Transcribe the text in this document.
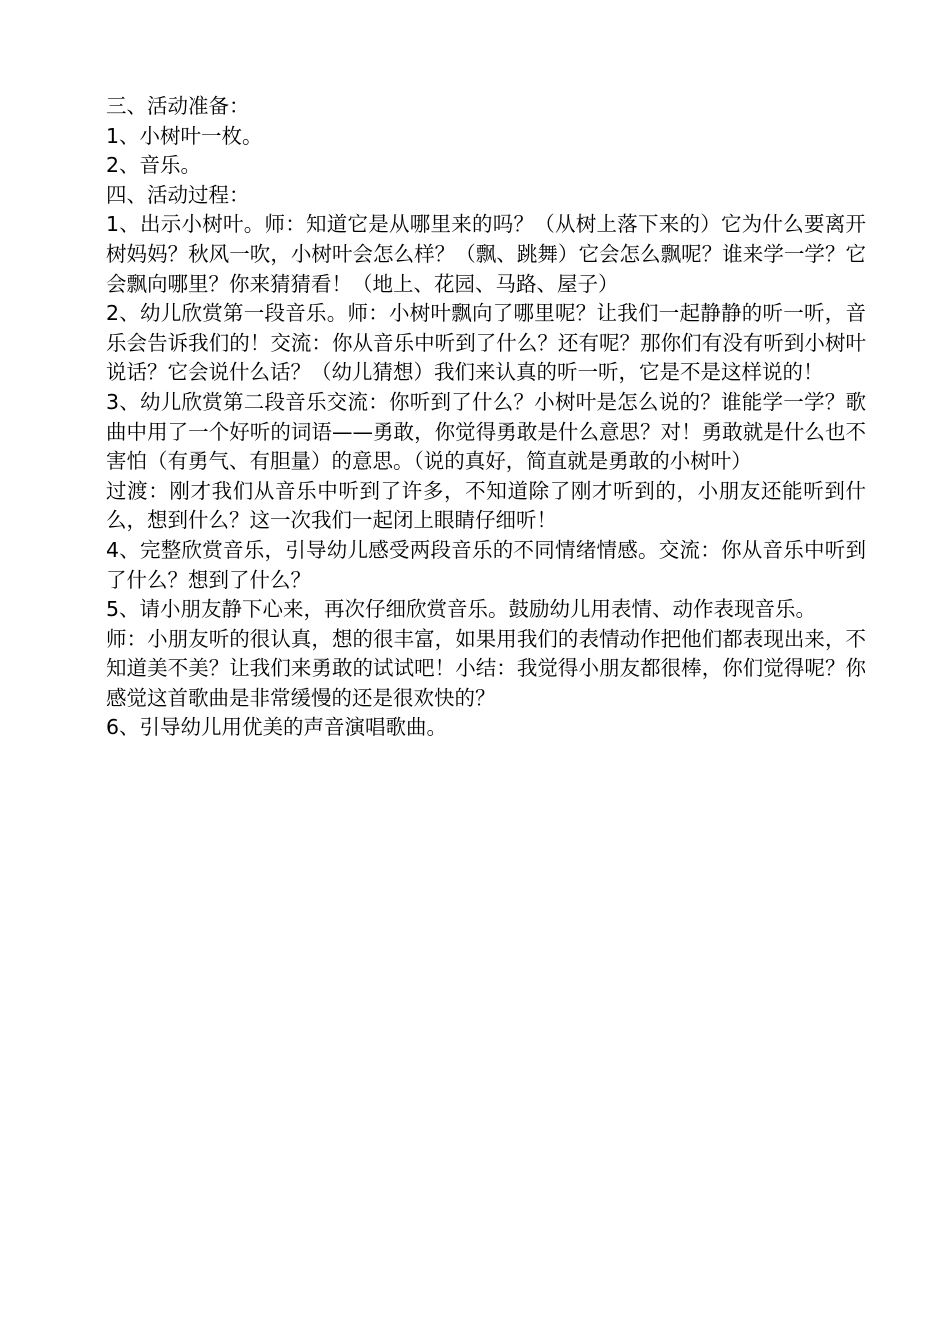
三、活动准备：

1、小树叶一枚。

2、音乐。

四、活动过程：

1、出示小树叶。师：知道它是从哪里来的吗？（从树上落下来的）它为什么要离开树妈妈？秋风一吹，小树叶会怎么样？（飘、跳舞）它会怎么飘呢？谁来学一学？它会飘向哪里？你来猜猜看！（地上、花园、马路、屋子）

2、幼儿欣赏第一段音乐。师：小树叶飘向了哪里呢？让我们一起静静的听一听，音乐会告诉我们的！交流：你从音乐中听到了什么？还有呢？那你们有没有听到小树叶说话？它会说什么话？（幼儿猜想）我们来认真的听一听，它是不是这样说的！

3、幼儿欣赏第二段音乐交流：你听到了什么？小树叶是怎么说的？谁能学一学？歌曲中用了一个好听的词语——勇敢，你觉得勇敢是什么意思？对！勇敢就是什么也不害怕（有勇气、有胆量）的意思。（说的真好，简直就是勇敢的小树叶）

过渡：刚才我们从音乐中听到了许多，不知道除了刚才听到的，小朋友还能听到什么，想到什么？这一次我们一起闭上眼睛仔细听！

4、完整欣赏音乐，引导幼儿感受两段音乐的不同情绪情感。交流：你从音乐中听到了什么？想到了什么？

5、请小朋友静下心来，再次仔细欣赏音乐。鼓励幼儿用表情、动作表现音乐。

师：小朋友听的很认真，想的很丰富，如果用我们的表情动作把他们都表现出来，不知道美不美？让我们来勇敢的试试吧！小结：我觉得小朋友都很棒，你们觉得呢？你感觉这首歌曲是非常缓慢的还是很欢快的？

6、引导幼儿用优美的声音演唱歌曲。
